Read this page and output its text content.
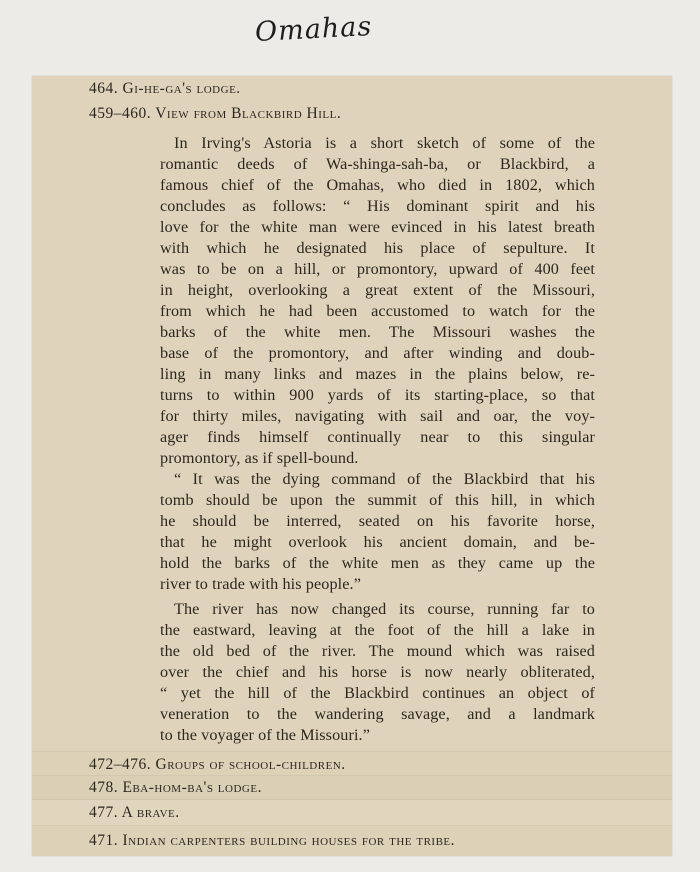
Omahas
464. Gi-he-ga's lodge.
459–460. View from Blackbird Hill.
In Irving's Astoria is a short sketch of some of the
romantic deeds of Wa-shinga-sah-ba, or Blackbird, a
famous chief of the Omahas, who died in 1802, which
concludes as follows: “ His dominant spirit and his
love for the white man were evinced in his latest breath
with which he designated his place of sepulture. It
was to be on a hill, or promontory, upward of 400 feet
in height, overlooking a great extent of the Missouri,
from which he had been accustomed to watch for the
barks of the white men. The Missouri washes the
base of the promontory, and after winding and doub-
ling in many links and mazes in the plains below, re-
turns to within 900 yards of its starting-place, so that
for thirty miles, navigating with sail and oar, the voy-
ager finds himself continually near to this singular
promontory, as if spell-bound.
“ It was the dying command of the Blackbird that his
tomb should be upon the summit of this hill, in which
he should be interred, seated on his favorite horse,
that he might overlook his ancient domain, and be-
hold the barks of the white men as they came up the
river to trade with his people.”
The river has now changed its course, running far to
the eastward, leaving at the foot of the hill a lake in
the old bed of the river. The mound which was raised
over the chief and his horse is now nearly obliterated,
“ yet the hill of the Blackbird continues an object of
veneration to the wandering savage, and a landmark
to the voyager of the Missouri.”
472–476. Groups of school-children.
478. Eba-hom-ba's lodge.
477. A brave.
471. Indian carpenters building houses for the tribe.
